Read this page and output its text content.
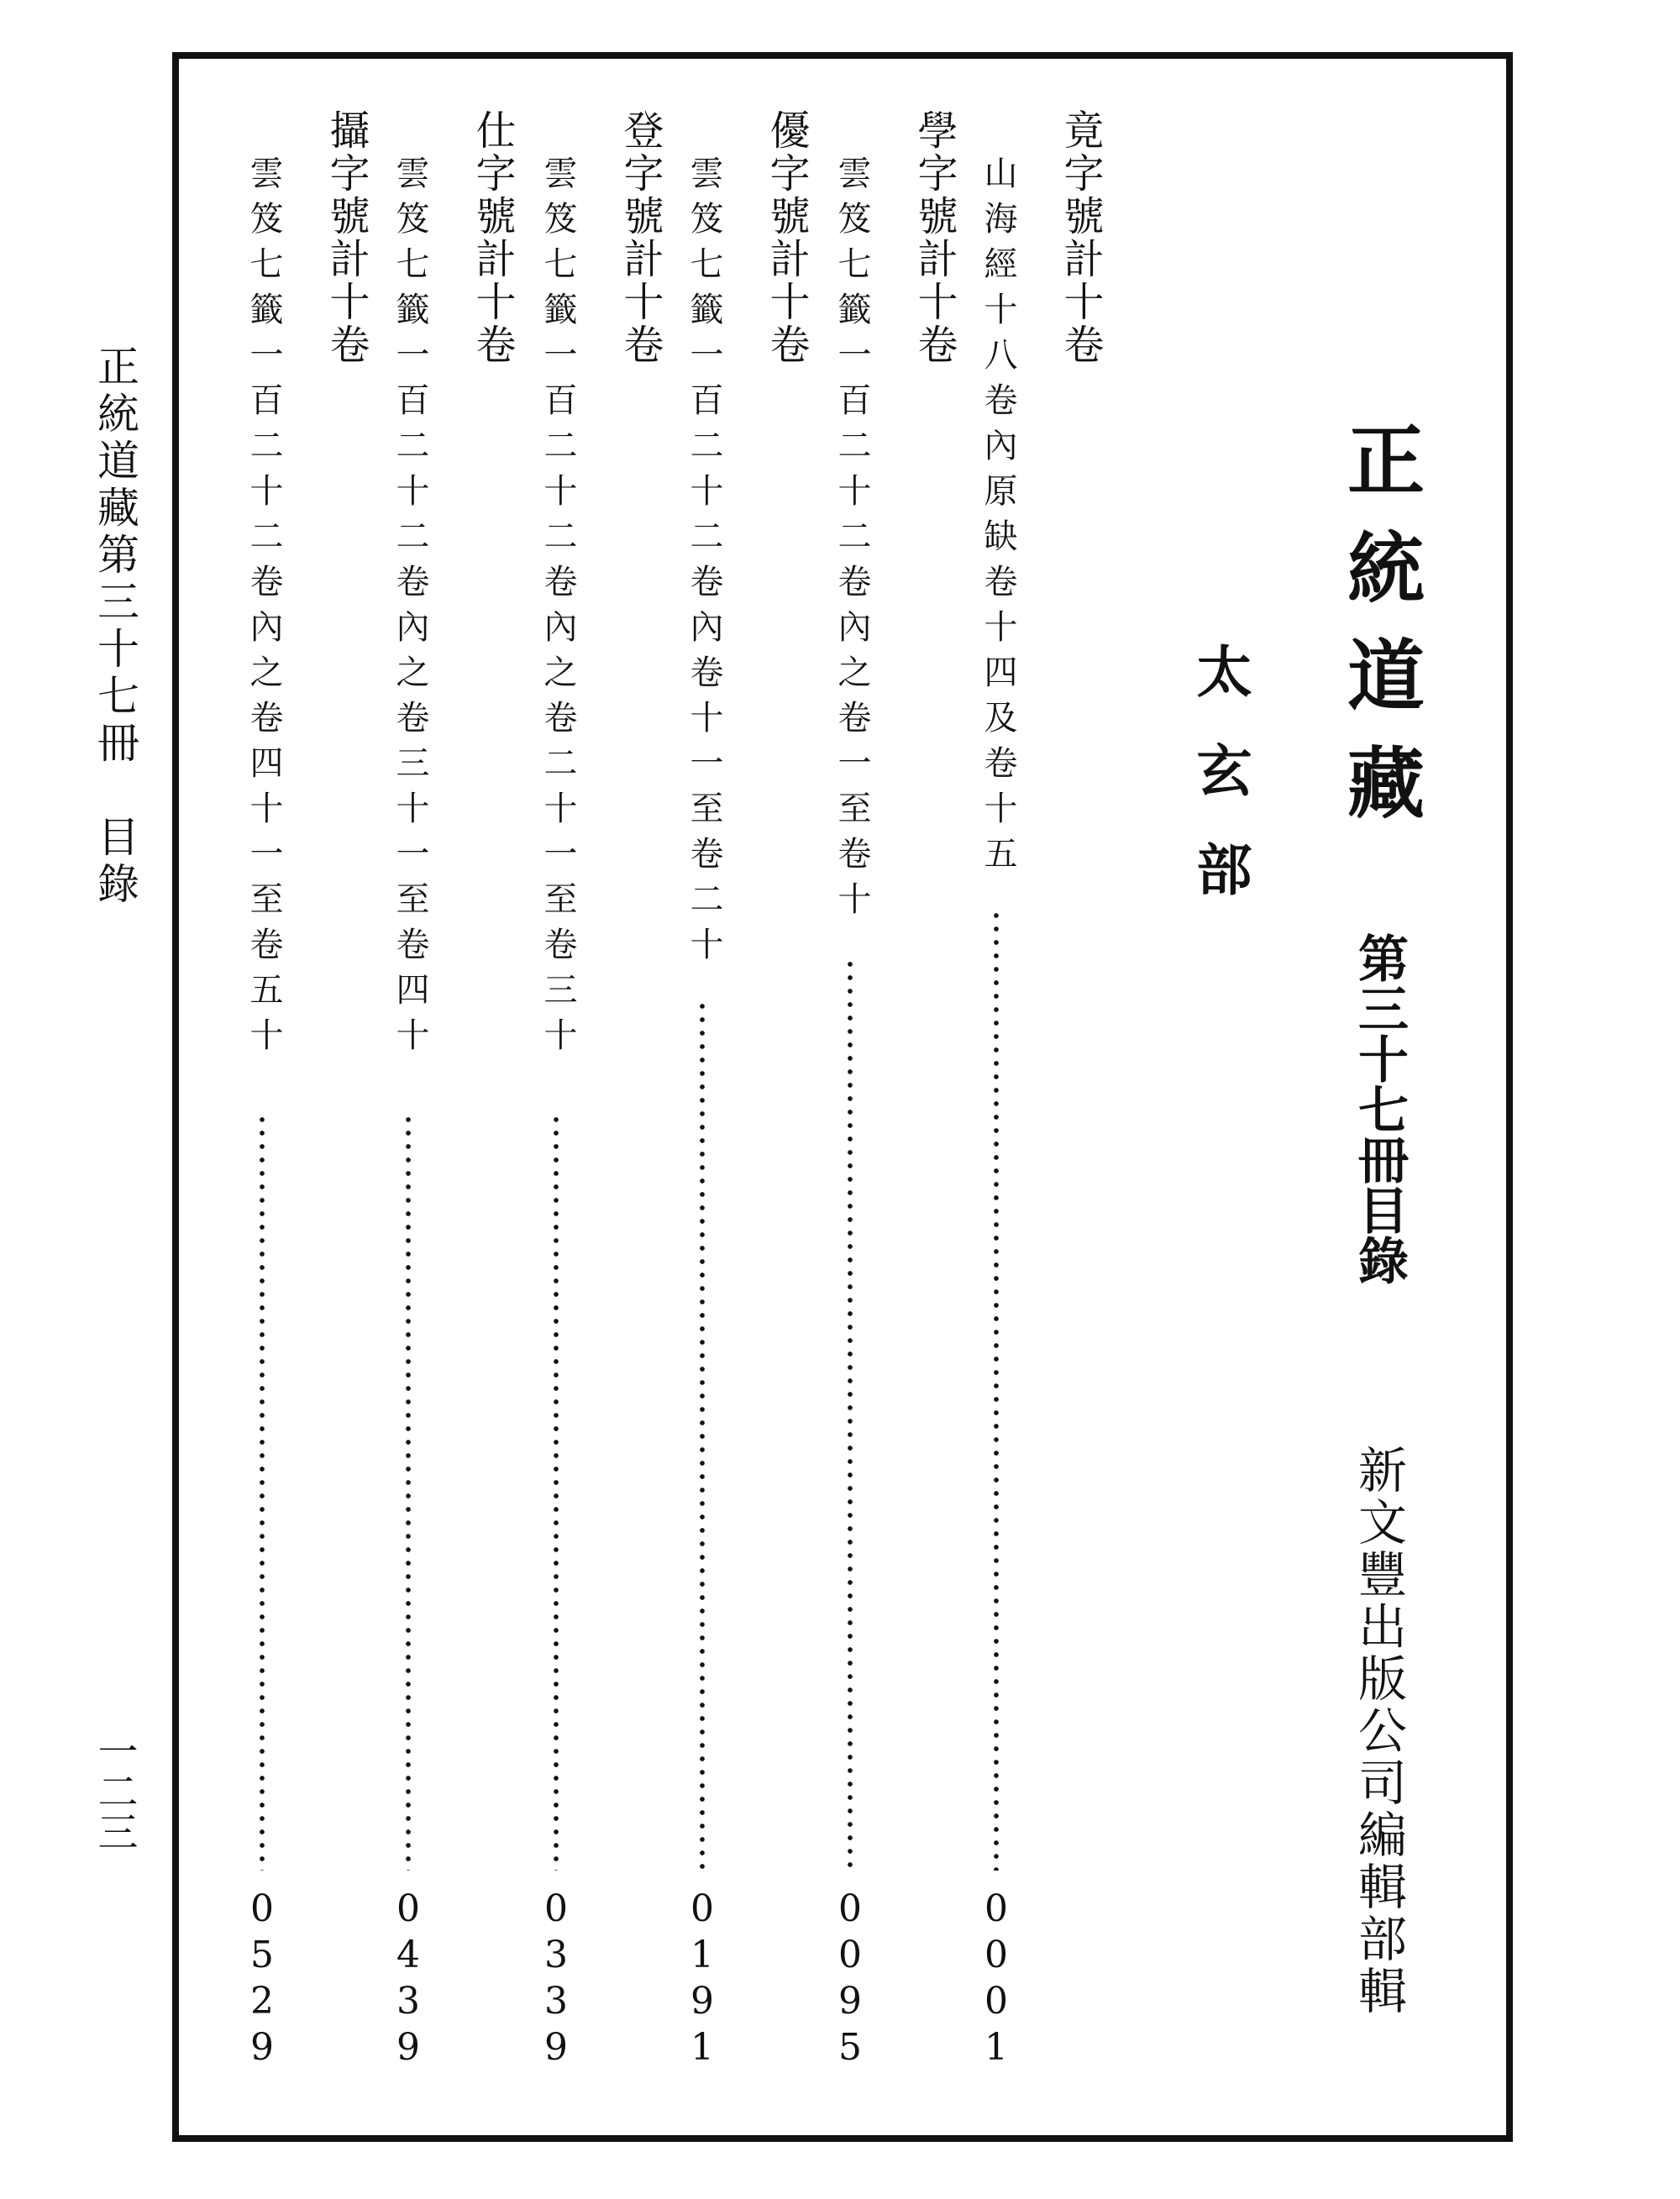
正統道藏
第三十七冊目錄
新文豐出版公司編輯部輯
太玄部
竟字號計十卷
山海經十八卷內原缺卷十四及卷十五
0
0
0
1
學字號計十卷
雲笈七籤一百二十二卷內之卷一至卷十
0
0
9
5
優字號計十卷
雲笈七籤一百二十二卷內卷十一至卷二十
0
1
9
1
登字號計十卷
雲笈七籤一百二十二卷內之卷二十一至卷三十
0
3
3
9
仕字號計十卷
雲笈七籤一百二十二卷內之卷三十一至卷四十
0
4
3
9
攝字號計十卷
雲笈七籤一百二十二卷內之卷四十一至卷五十
0
5
2
9
正統道藏第三十七冊
目錄
一二三
